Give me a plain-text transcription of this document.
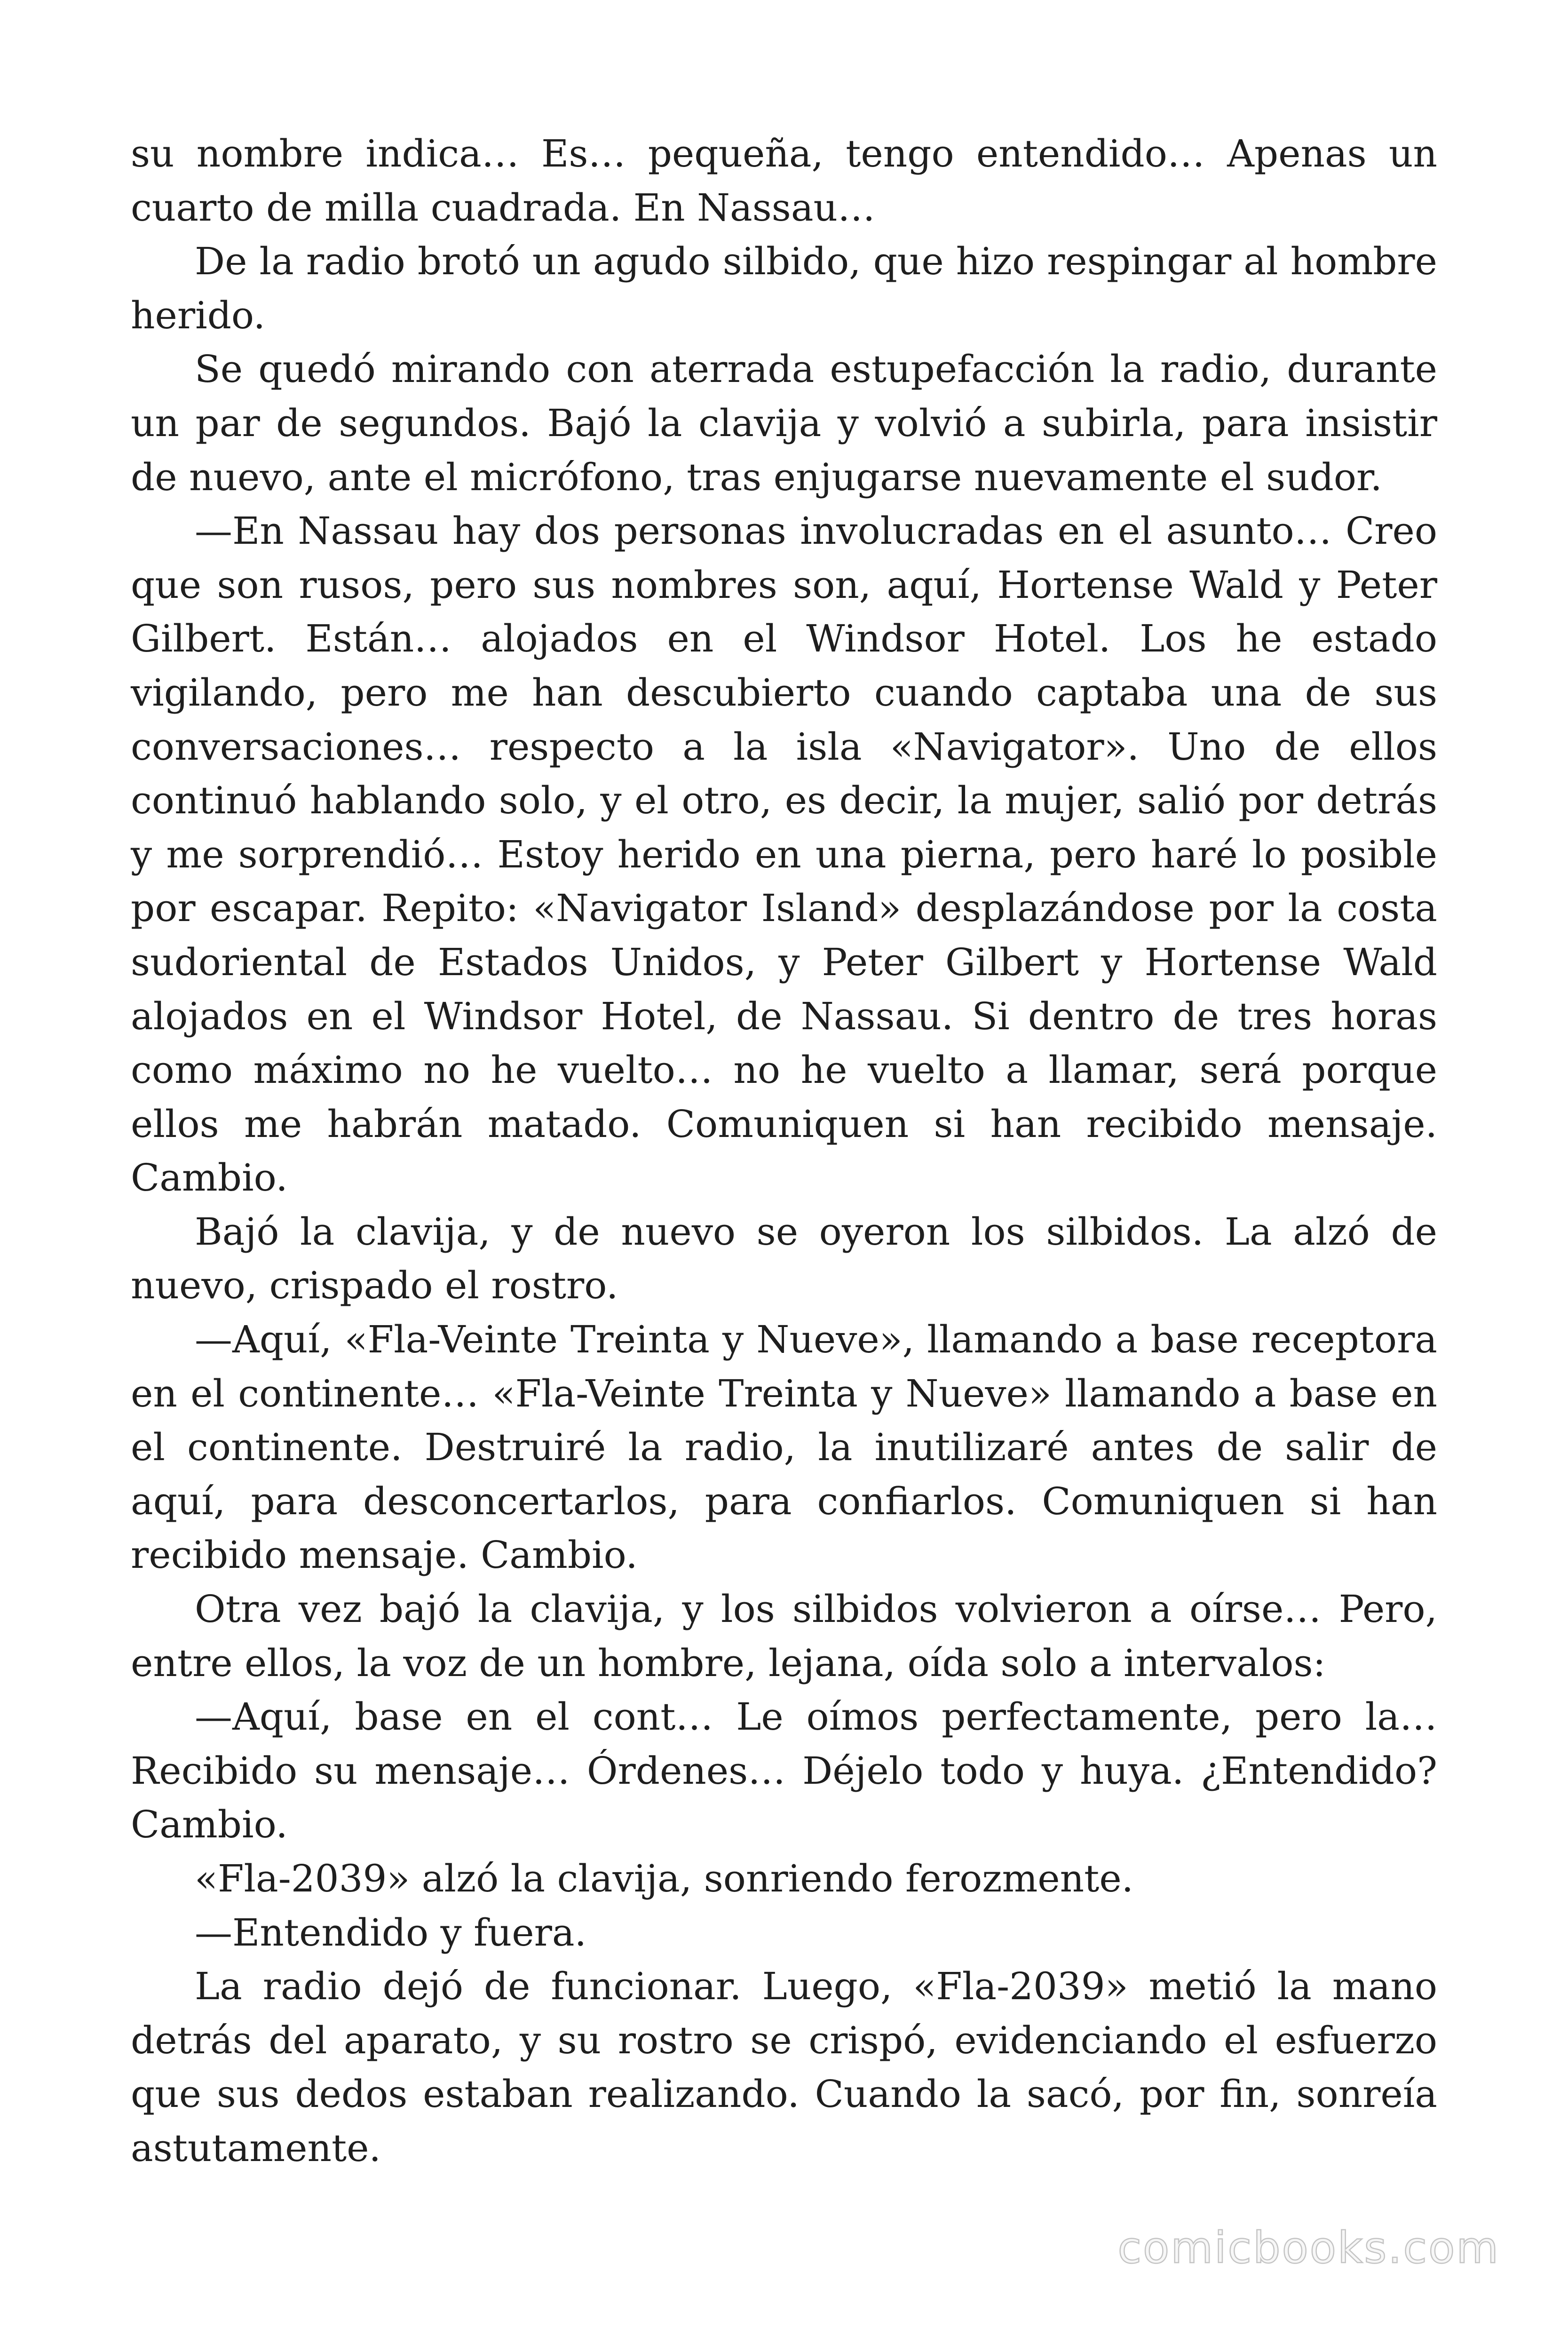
su nombre indica… Es… pequeña, tengo entendido… Apenas un cuarto de milla cuadrada. En Nassau…

De la radio brotó un agudo silbido, que hizo respingar al hombre herido.

Se quedó mirando con aterrada estupefacción la radio, durante un par de segundos. Bajó la clavija y volvió a subirla, para insistir de nuevo, ante el micrófono, tras enjugarse nuevamente el sudor.

—En Nassau hay dos personas involucradas en el asunto… Creo que son rusos, pero sus nombres son, aquí, Hortense Wald y Peter Gilbert. Están… alojados en el Windsor Hotel. Los he estado vigilando, pero me han descubierto cuando captaba una de sus conversaciones… respecto a la isla «Navigator». Uno de ellos continuó hablando solo, y el otro, es decir, la mujer, salió por detrás y me sorprendió… Estoy herido en una pierna, pero haré lo posible por escapar. Repito: «Navigator Island» desplazándose por la costa sudoriental de Estados Unidos, y Peter Gilbert y Hortense Wald alojados en el Windsor Hotel, de Nassau. Si dentro de tres horas como máximo no he vuelto… no he vuelto a llamar, será porque ellos me habrán matado. Comuniquen si han recibido mensaje. Cambio.

Bajó la clavija, y de nuevo se oyeron los silbidos. La alzó de nuevo, crispado el rostro.

—Aquí, «Fla-Veinte Treinta y Nueve», llamando a base receptora en el continente… «Fla-Veinte Treinta y Nueve» llamando a base en el continente. Destruiré la radio, la inutilizaré antes de salir de aquí, para desconcertarlos, para confiarlos. Comuniquen si han recibido mensaje. Cambio.

Otra vez bajó la clavija, y los silbidos volvieron a oírse… Pero, entre ellos, la voz de un hombre, lejana, oída solo a intervalos:

—Aquí, base en el cont… Le oímos perfectamente, pero la… Recibido su mensaje… Órdenes… Déjelo todo y huya. ¿Entendido? Cambio.

«Fla-2039» alzó la clavija, sonriendo ferozmente.

—Entendido y fuera.

La radio dejó de funcionar. Luego, «Fla-2039» metió la mano detrás del aparato, y su rostro se crispó, evidenciando el esfuerzo que sus dedos estaban realizando. Cuando la sacó, por fin, sonreía astutamente.

comicbooks.com
